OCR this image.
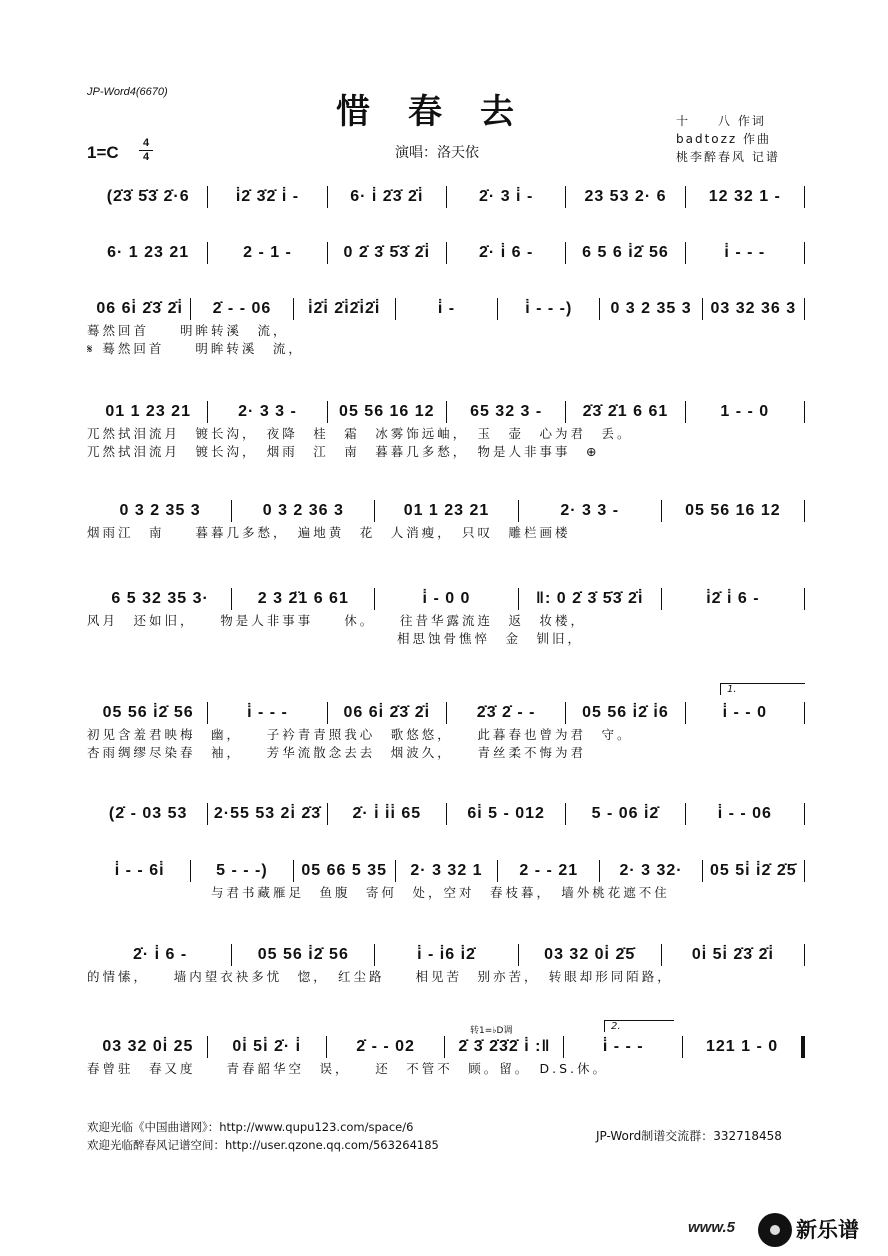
JP-Word4(6670)	惜春去
1=C	4
4	演唱：洛天依
十　　八 作词
badtozz 作曲
桃李醉春风 记谱
(2̇3̇ 5̇3̇ 2̇·6	i̇2̇ 3̇2̇ i̇ -	6· i̇ 2̇3̇ 2̇i̇	2̇· 3 i̇ -	23 53 2· 6	12 32 1 -
6· 1 23 21	2 - 1 -	0 2̇ 3̇ 5̇3̇ 2̇i̇	2̇· i̇ 6 -	6 5 6 i̇2̇ 56	i̇ - - -
06 6i̇ 2̇3̇ 2̇i̇	2̇ - - 06	i̇2̇i̇ 2̇i̇2̇i̇2̇i̇	i̇ -	i̇ - - -)	0 3 2 35 3	03 32 36 3
蓦然回首　　明眸转溪　流，
𝄋 蓦然回首　　明眸转溪　流，
01 1 23 21	2· 3 3 -	05 56 16 12	65 32 3 -	2̇3̇ 2̇1 6 61	1 - - 0
兀然拭泪流月　镀长沟，　夜降　桂　霜　冰雾饰远岫，　玉　壶　心为君　丢。
兀然拭泪流月　镀长沟，　烟雨　江　南　暮暮几多愁，　物是人非事事　⊕
0 3 2 35 3	0 3 2 36 3	01 1 23 21	2· 3 3 -	05 56 16 12
烟雨江　南　　暮暮几多愁，　遍地黄　花　人消瘦，　只叹　雕栏画楼
6 5 32 35 3·	2 3 2̈1 6 61	i̇ - 0 0	‖: 0 2̇ 3̇ 5̇3̇ 2̇i̇	i̇2̇ i̇ 6 -
风月　还如旧，　　物是人非事事　　休。　　往昔华露流连　返　妆楼，
　　　　　　　　　　　　　　　　　　　　相思蚀骨憔悴　金　钏旧，
05 56 i̇2̇ 56	i̇ - - -	06 6i̇ 2̇3̇ 2̇i̇	2̇3̇ 2̇ - -	05 56 i̇2̇ i̇6	i̇ - - 0
初见含羞君映梅　幽，　　子衿青青照我心　歌悠悠，　　此暮春也曾为君　守。
杏雨绸缪尽染春　袖，　　芳华流散念去去　烟波久，　　青丝柔不悔为君
(2̇ - 03 53	2·55 53 2i̇ 2̇3̇	2̇· i̇ i̇i̇ 65	6i̇ 5 - 012	5 - 06 i̇2̇	i̇ - - 06
i̇ - - 6i̇	5 - - -)	05 66 5 35	2· 3 32 1	2 - - 21	2· 3 32·	05 5i̇ i̇2̇ 2̇5̇
　　　　　　　　与君书藏雁足　鱼腹　寄何　处，空对　春枝暮，　墙外桃花遮不住
2̇· i̇ 6 -	05 56 i̇2̇ 56	i̇ - i̇6 i̇2̇	03 32 0i̇ 2̇5̇	0i̇ 5i̇ 2̇3̇ 2̇i̇
的情愫，　　墙内望衣袂多忧　惚，　红尘路　　相见苦　别亦苦，　转眼却形同陌路，
03 32 0i̇ 25	0i̇ 5i̇ 2̇· i̇	2̇ - - 02	2̇ 3̇ 2̇3̇2̇ i̇ :‖	i̇ - - -	121 1 - 0
春曾驻　春又度　　青春韶华空　误，　　还　不管不　顾。留。　D.S.休。
1.
2.
转1=♭D调
欢迎光临《中国曲谱网》：http://www.qupu123.com/space/6
欢迎光临醉春风记谱空间：http://user.qzone.qq.com/563264185
JP-Word制谱交流群：332718458
www.5	新乐谱
